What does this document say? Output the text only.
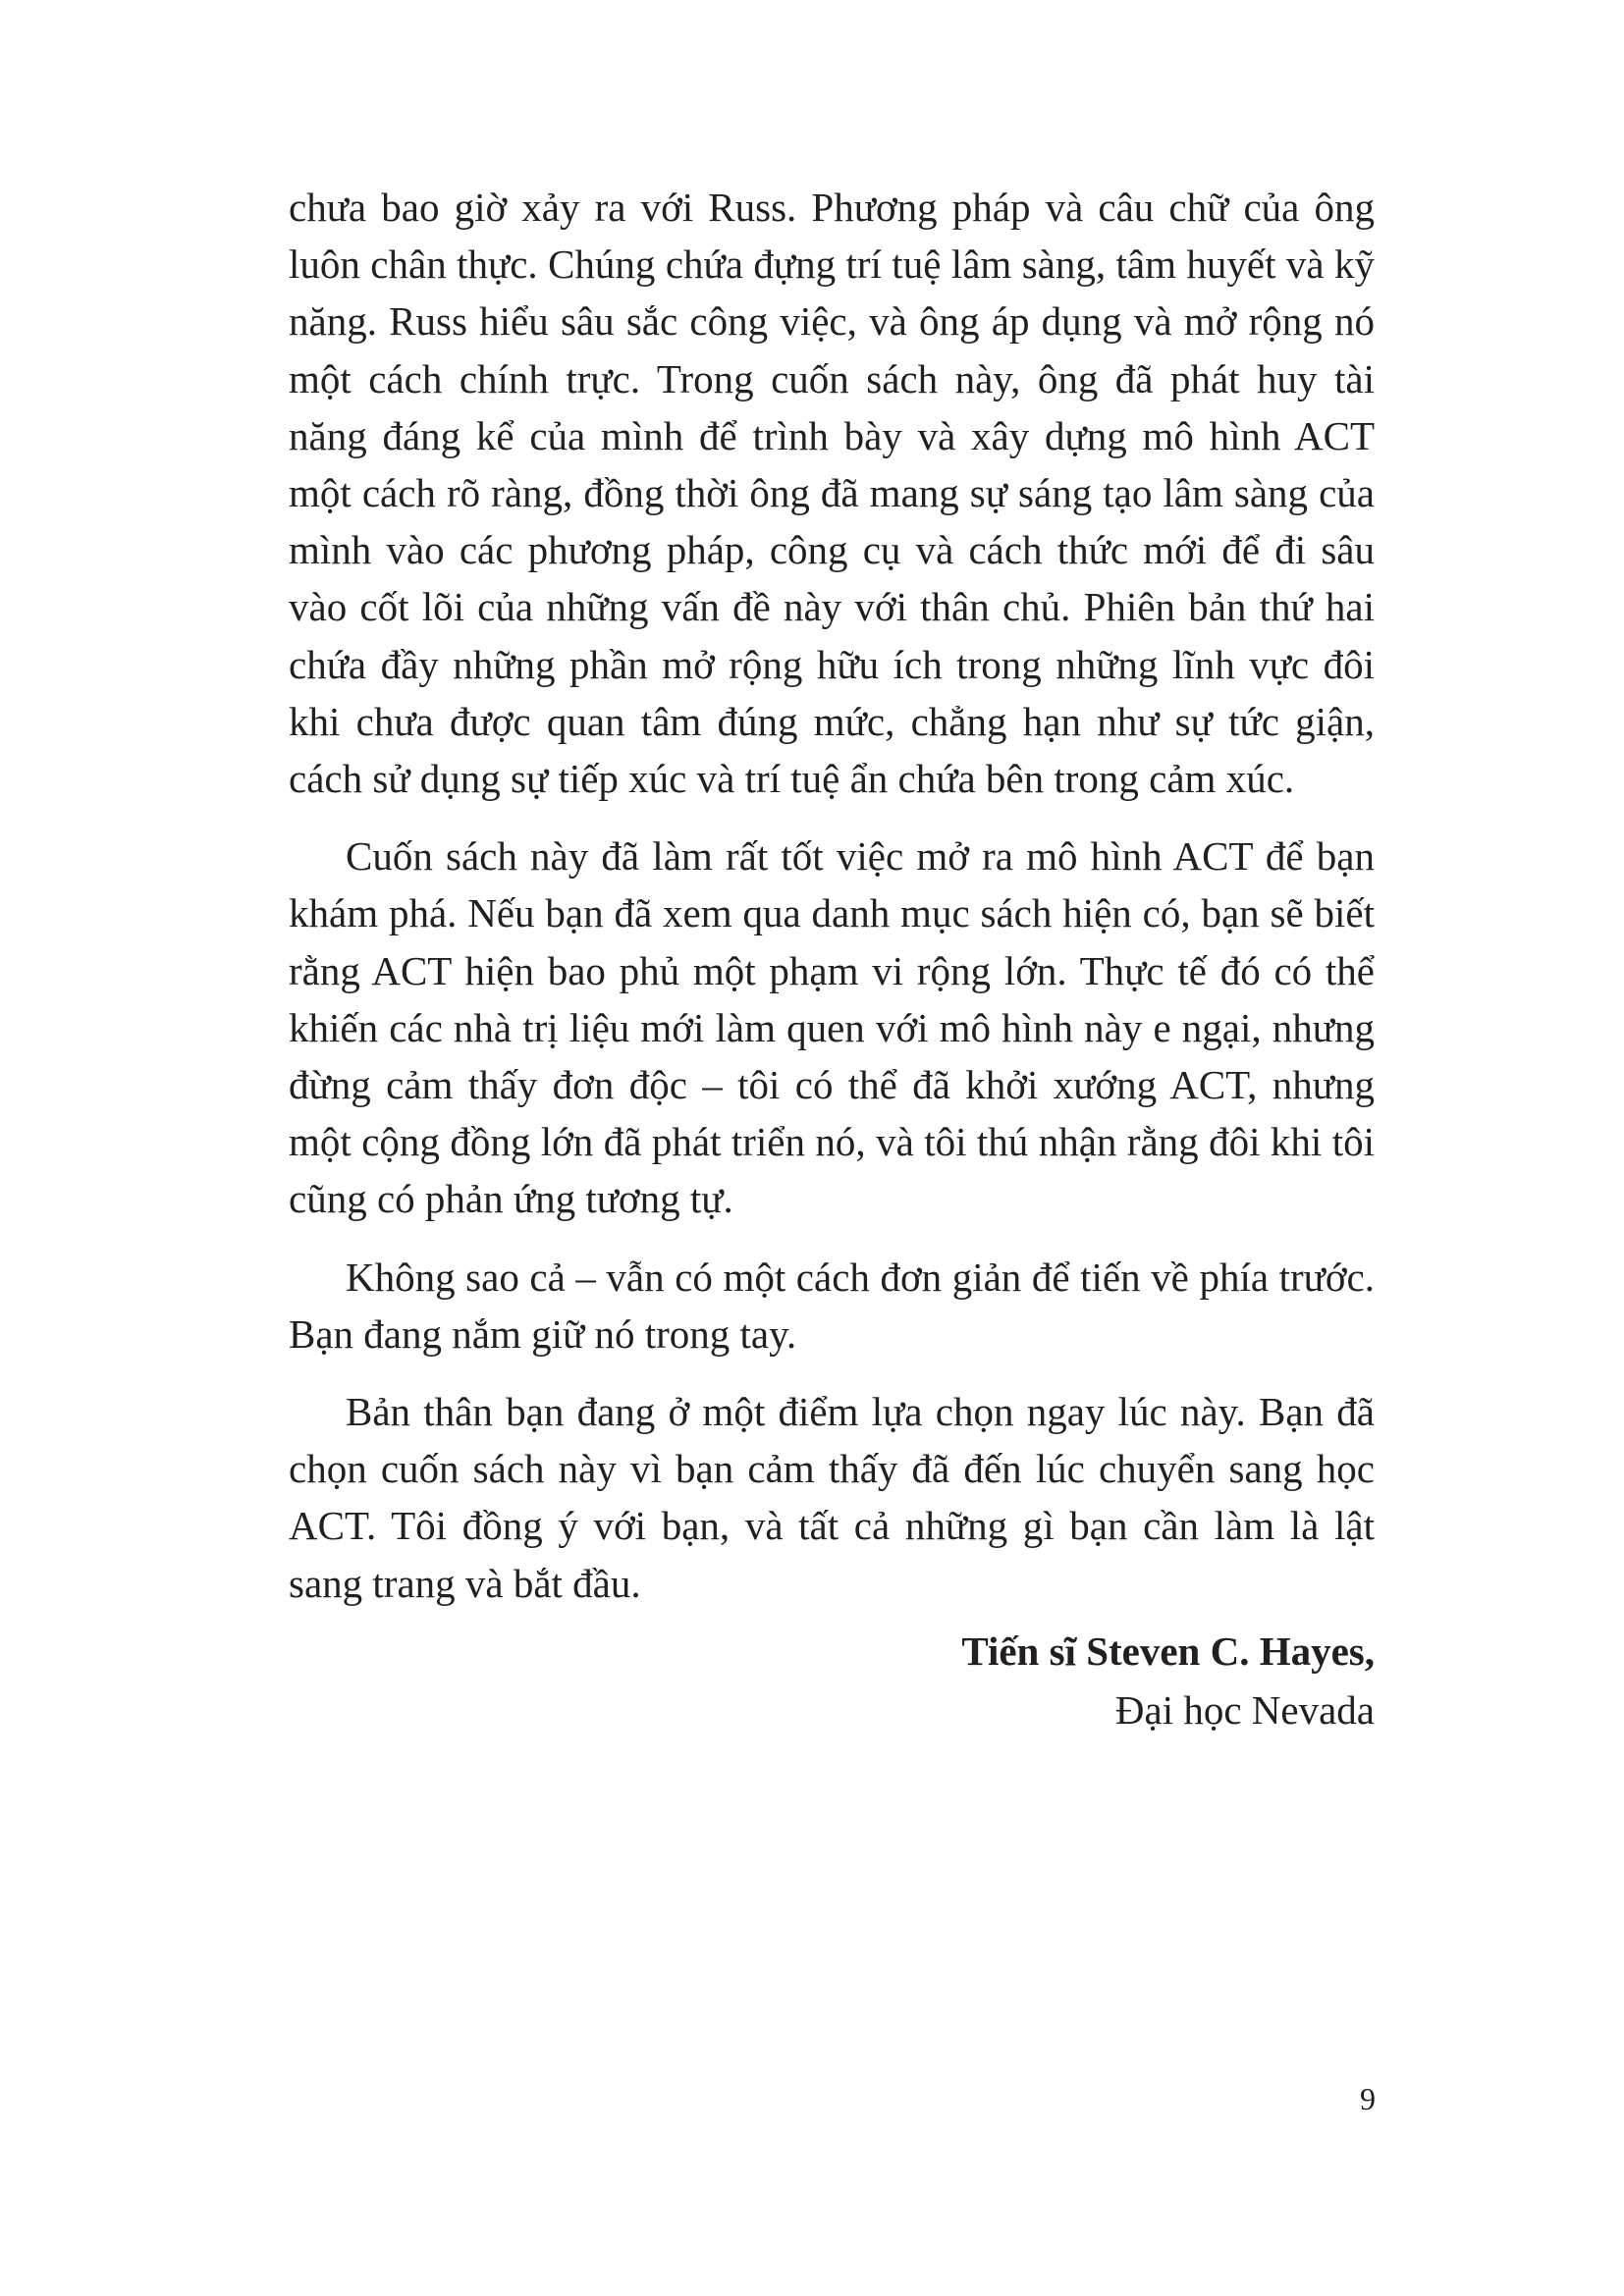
chưa bao giờ xảy ra với Russ. Phương pháp và câu chữ của ông luôn chân thực. Chúng chứa đựng trí tuệ lâm sàng, tâm huyết và kỹ năng. Russ hiểu sâu sắc công việc, và ông áp dụng và mở rộng nó một cách chính trực. Trong cuốn sách này, ông đã phát huy tài năng đáng kể của mình để trình bày và xây dựng mô hình ACT một cách rõ ràng, đồng thời ông đã mang sự sáng tạo lâm sàng của mình vào các phương pháp, công cụ và cách thức mới để đi sâu vào cốt lõi của những vấn đề này với thân chủ. Phiên bản thứ hai chứa đầy những phần mở rộng hữu ích trong những lĩnh vực đôi khi chưa được quan tâm đúng mức, chẳng hạn như sự tức giận, cách sử dụng sự tiếp xúc và trí tuệ ẩn chứa bên trong cảm xúc.

Cuốn sách này đã làm rất tốt việc mở ra mô hình ACT để bạn khám phá. Nếu bạn đã xem qua danh mục sách hiện có, bạn sẽ biết rằng ACT hiện bao phủ một phạm vi rộng lớn. Thực tế đó có thể khiến các nhà trị liệu mới làm quen với mô hình này e ngại, nhưng đừng cảm thấy đơn độc – tôi có thể đã khởi xướng ACT, nhưng một cộng đồng lớn đã phát triển nó, và tôi thú nhận rằng đôi khi tôi cũng có phản ứng tương tự.

Không sao cả – vẫn có một cách đơn giản để tiến về phía trước. Bạn đang nắm giữ nó trong tay.

Bản thân bạn đang ở một điểm lựa chọn ngay lúc này. Bạn đã chọn cuốn sách này vì bạn cảm thấy đã đến lúc chuyển sang học ACT. Tôi đồng ý với bạn, và tất cả những gì bạn cần làm là lật sang trang và bắt đầu.

Tiến sĩ Steven C. Hayes,
Đại học Nevada
9
